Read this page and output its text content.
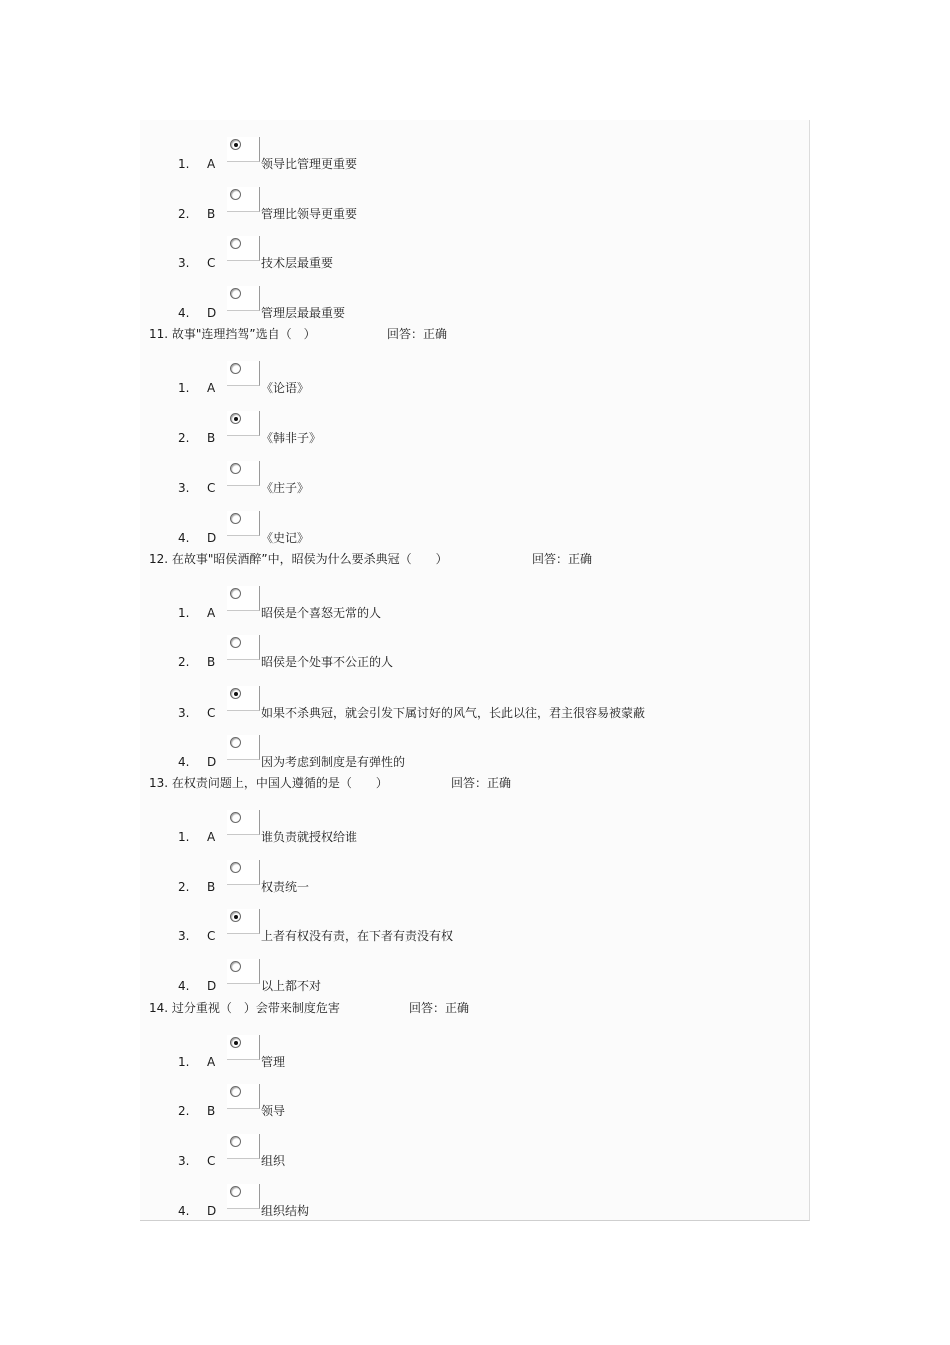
1. A	领导比管理更重要
2. B	管理比领导更重要
3. C	技术层最重要
4. D	管理层最最重要
11. 故事"连理挡驾”选自（　）	回答：正确
1. A	《论语》
2. B	《韩非子》
3. C	《庄子》
4. D	《史记》
12. 在故事"昭侯酒醉”中，昭侯为什么要杀典冠（　　）	回答：正确
1. A	昭侯是个喜怒无常的人
2. B	昭侯是个处事不公正的人
3. C	如果不杀典冠，就会引发下属讨好的风气，长此以往，君主很容易被蒙蔽
4. D	因为考虑到制度是有弹性的
13. 在权责问题上，中国人遵循的是（　　）	回答：正确
1. A	谁负责就授权给谁
2. B	权责统一
3. C	上者有权没有责，在下者有责没有权
4. D	以上都不对
14. 过分重视（　）会带来制度危害	回答：正确
1. A	管理
2. B	领导
3. C	组织
4. D	组织结构
